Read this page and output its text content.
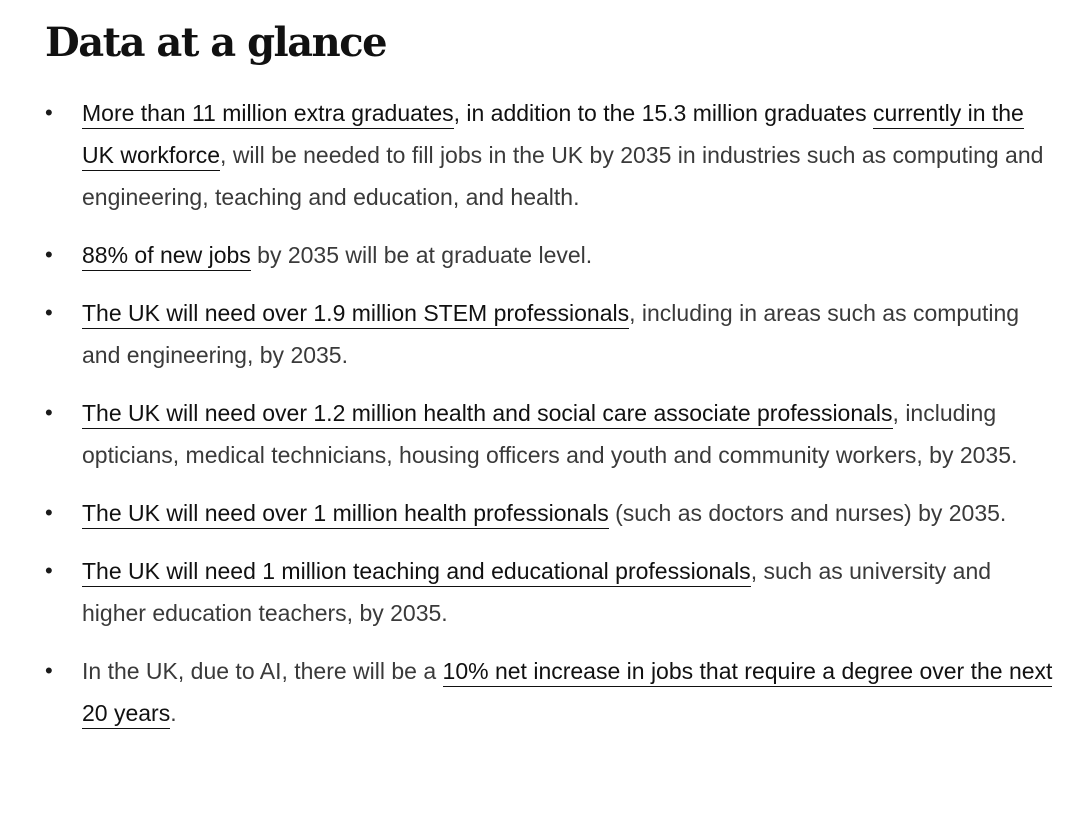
Data at a glance
• More than 11 million extra graduates, in addition to the 15.3 million graduates currently in the UK workforce, will be needed to fill jobs in the UK by 2035 in industries such as computing and engineering, teaching and education, and health.
• 88% of new jobs by 2035 will be at graduate level.
• The UK will need over 1.9 million STEM professionals, including in areas such as computing and engineering, by 2035.
• The UK will need over 1.2 million health and social care associate professionals, including opticians, medical technicians, housing officers and youth and community workers, by 2035.
• The UK will need over 1 million health professionals (such as doctors and nurses) by 2035.
• The UK will need 1 million teaching and educational professionals, such as university and higher education teachers, by 2035.
• In the UK, due to AI, there will be a 10% net increase in jobs that require a degree over the next 20 years.
